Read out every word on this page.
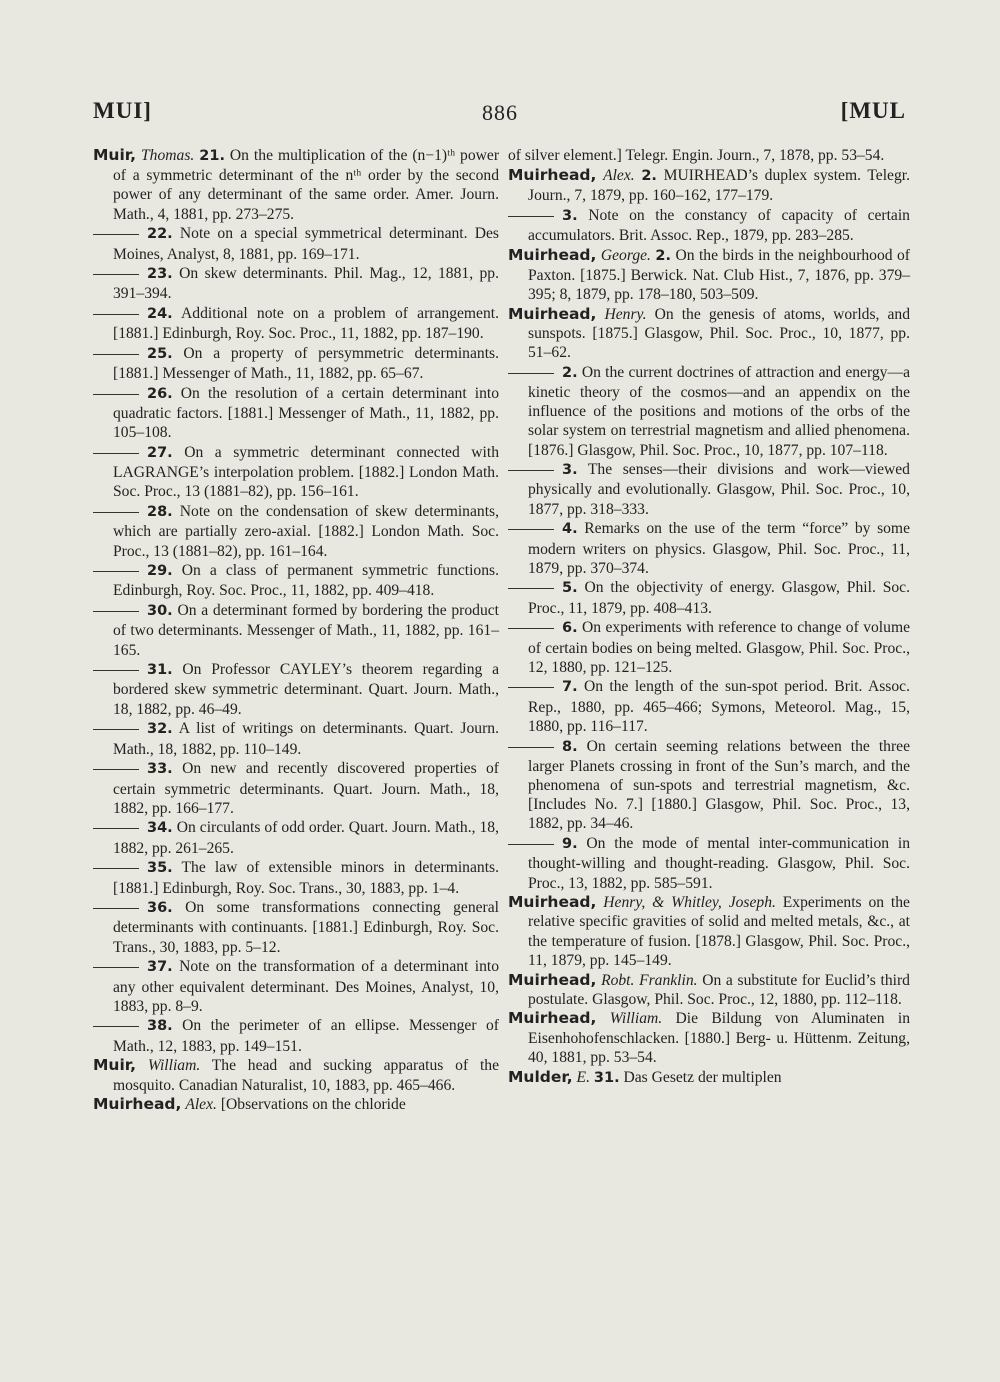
MUI]	886	[MUL

Muir, Thomas. 21. On the multiplication of the (n−1)ᵗʰ power of a symmetric determinant of the nᵗʰ order by the second power of any determinant of the same order. Amer. Journ. Math., 4, 1881, pp. 273–275.

22. Note on a special symmetrical determinant. Des Moines, Analyst, 8, 1881, pp. 169–171.

23. On skew determinants. Phil. Mag., 12, 1881, pp. 391–394.

24. Additional note on a problem of arrangement. [1881.] Edinburgh, Roy. Soc. Proc., 11, 1882, pp. 187–190.

25. On a property of persymmetric determinants. [1881.] Messenger of Math., 11, 1882, pp. 65–67.

26. On the resolution of a certain determinant into quadratic factors. [1881.] Messenger of Math., 11, 1882, pp. 105–108.

27. On a symmetric determinant connected with LAGRANGE’s interpolation problem. [1882.] London Math. Soc. Proc., 13 (1881–82), pp. 156–161.

28. Note on the condensation of skew determinants, which are partially zero-axial. [1882.] London Math. Soc. Proc., 13 (1881–82), pp. 161–164.

29. On a class of permanent symmetric functions. Edinburgh, Roy. Soc. Proc., 11, 1882, pp. 409–418.

30. On a determinant formed by bordering the product of two determinants. Messenger of Math., 11, 1882, pp. 161–165.

31. On Professor CAYLEY’s theorem regarding a bordered skew symmetric determinant. Quart. Journ. Math., 18, 1882, pp. 46–49.

32. A list of writings on determinants. Quart. Journ. Math., 18, 1882, pp. 110–149.

33. On new and recently discovered properties of certain symmetric determinants. Quart. Journ. Math., 18, 1882, pp. 166–177.

34. On circulants of odd order. Quart. Journ. Math., 18, 1882, pp. 261–265.

35. The law of extensible minors in determinants. [1881.] Edinburgh, Roy. Soc. Trans., 30, 1883, pp. 1–4.

36. On some transformations connecting general determinants with continuants. [1881.] Edinburgh, Roy. Soc. Trans., 30, 1883, pp. 5–12.

37. Note on the transformation of a determinant into any other equivalent determinant. Des Moines, Analyst, 10, 1883, pp. 8–9.

38. On the perimeter of an ellipse. Messenger of Math., 12, 1883, pp. 149–151.

Muir, William. The head and sucking apparatus of the mosquito. Canadian Naturalist, 10, 1883, pp. 465–466.

Muirhead, Alex. [Observations on the chloride

of silver element.] Telegr. Engin. Journ., 7, 1878, pp. 53–54.

Muirhead, Alex. 2. MUIRHEAD’s duplex system. Telegr. Journ., 7, 1879, pp. 160–162, 177–179.

3. Note on the constancy of capacity of certain accumulators. Brit. Assoc. Rep., 1879, pp. 283–285.

Muirhead, George. 2. On the birds in the neighbourhood of Paxton. [1875.] Berwick. Nat. Club Hist., 7, 1876, pp. 379–395; 8, 1879, pp. 178–180, 503–509.

Muirhead, Henry. On the genesis of atoms, worlds, and sunspots. [1875.] Glasgow, Phil. Soc. Proc., 10, 1877, pp. 51–62.

2. On the current doctrines of attraction and energy—a kinetic theory of the cosmos—and an appendix on the influence of the positions and motions of the orbs of the solar system on terrestrial magnetism and allied phenomena. [1876.] Glasgow, Phil. Soc. Proc., 10, 1877, pp. 107–118.

3. The senses—their divisions and work—viewed physically and evolutionally. Glasgow, Phil. Soc. Proc., 10, 1877, pp. 318–333.

4. Remarks on the use of the term “force” by some modern writers on physics. Glasgow, Phil. Soc. Proc., 11, 1879, pp. 370–374.

5. On the objectivity of energy. Glasgow, Phil. Soc. Proc., 11, 1879, pp. 408–413.

6. On experiments with reference to change of volume of certain bodies on being melted. Glasgow, Phil. Soc. Proc., 12, 1880, pp. 121–125.

7. On the length of the sun-spot period. Brit. Assoc. Rep., 1880, pp. 465–466; Symons, Meteorol. Mag., 15, 1880, pp. 116–117.

8. On certain seeming relations between the three larger Planets crossing in front of the Sun’s march, and the phenomena of sun-spots and terrestrial magnetism, &c. [Includes No. 7.] [1880.] Glasgow, Phil. Soc. Proc., 13, 1882, pp. 34–46.

9. On the mode of mental inter-communication in thought-willing and thought-reading. Glasgow, Phil. Soc. Proc., 13, 1882, pp. 585–591.

Muirhead, Henry, & Whitley, Joseph. Experiments on the relative specific gravities of solid and melted metals, &c., at the temperature of fusion. [1878.] Glasgow, Phil. Soc. Proc., 11, 1879, pp. 145–149.

Muirhead, Robt. Franklin. On a substitute for Euclid’s third postulate. Glasgow, Phil. Soc. Proc., 12, 1880, pp. 112–118.

Muirhead, William. Die Bildung von Aluminaten in Eisenhohofenschlacken. [1880.] Berg- u. Hüttenm. Zeitung, 40, 1881, pp. 53–54.

Mulder, E. 31. Das Gesetz der multiplen
